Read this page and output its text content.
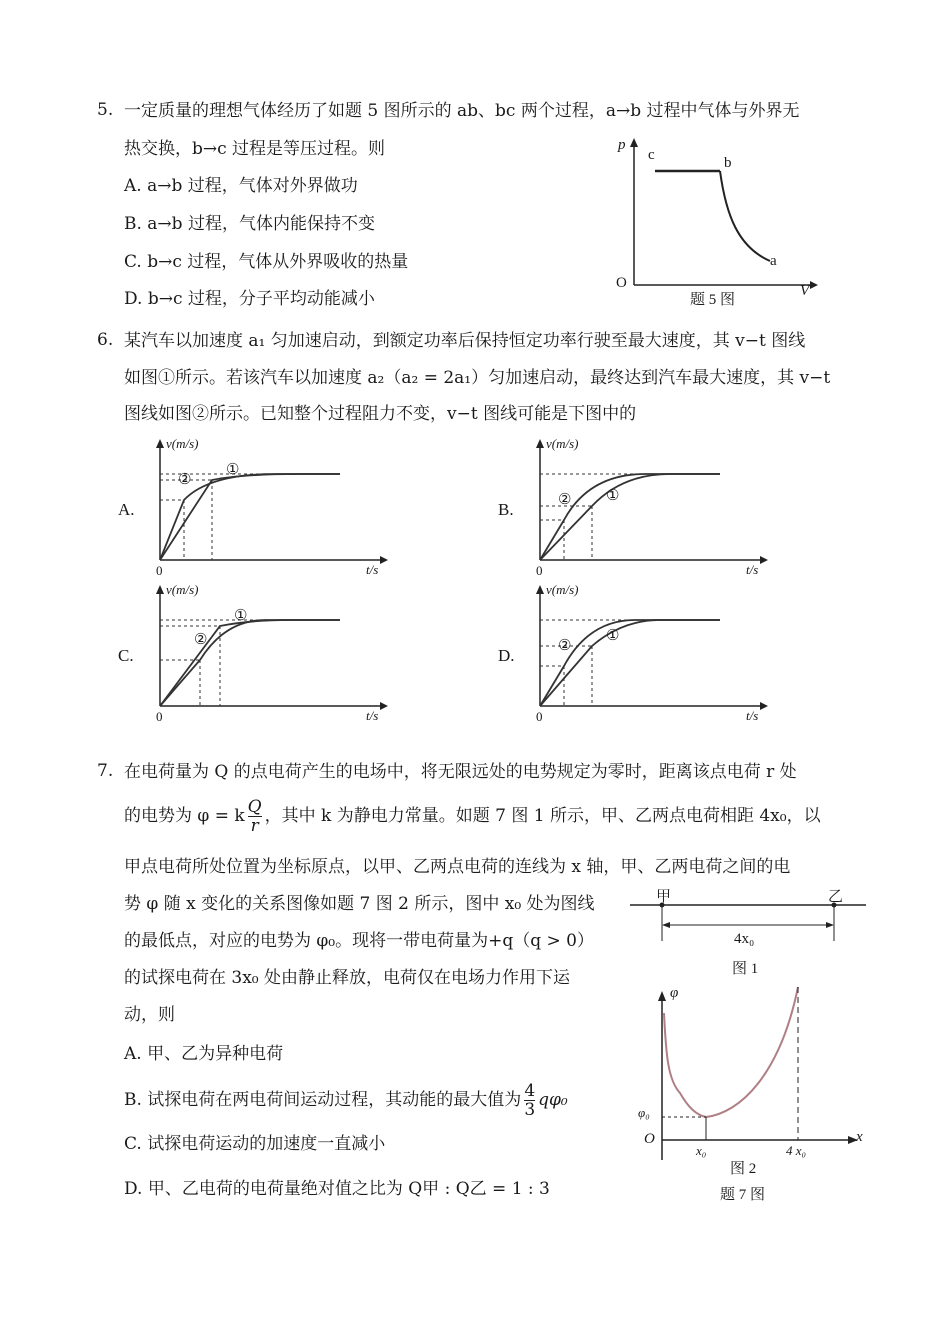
5. 一定质量的理想气体经历了如题 5 图所示的 ab、bc 两个过程，a→b 过程中气体与外界无
热交换，b→c 过程是等压过程。则
A. a→b 过程，气体对外界做功
B. a→b 过程，气体内能保持不变
C. b→c 过程，气体从外界吸收的热量
D. b→c 过程，分子平均动能减小
p
c	b
a
O	V
题 5 图
6. 某汽车以加速度 a₁ 匀加速启动，到额定功率后保持恒定功率行驶至最大速度，其 v−t 图线
如图①所示。若该汽车以加速度 a₂（a₂ = 2a₁）匀加速启动，最终达到汽车最大速度，其 v−t
图线如图②所示。已知整个过程阻力不变，v−t 图线可能是下图中的
A.
v(m/s)
t/s
0
②
①
B.
v(m/s)
t/s
0
② ①
C.
v(m/s)
t/s
0
②
①
D.
v(m/s)
t/s
0
②
①
7. 在电荷量为 Q 的点电荷产生的电场中，将无限远处的电势规定为零时，距离该点电荷 r 处
的电势为 φ = k $\frac{Q}{r}$ ，其中 k 为静电力常量。如题 7 图 1 所示，甲、乙两点电荷相距 4x₀，以
甲点电荷所处位置为坐标原点，以甲、乙两点电荷的连线为 x 轴，甲、乙两电荷之间的电
势 φ 随 x 变化的关系图像如题 7 图 2 所示，图中 x₀ 处为图线
的最低点，对应的电势为 φ₀。现将一带电荷量为+q（q > 0）
的试探电荷在 3x₀ 处由静止释放，电荷仅在电场力作用下运
动，则
A. 甲、乙为异种电荷
B. 试探电荷在两电荷间运动过程，其动能的最大值为 $\frac{4}{3} q\varphi_0$
C. 试探电荷运动的加速度一直减小
D. 甲、乙电荷的电荷量绝对值之比为 Q甲 : Q乙 = 1 : 3
甲	乙
4x₀
图 1
φ
x
O
φ₀
x₀	4 x₀
图 2
题 7 图
